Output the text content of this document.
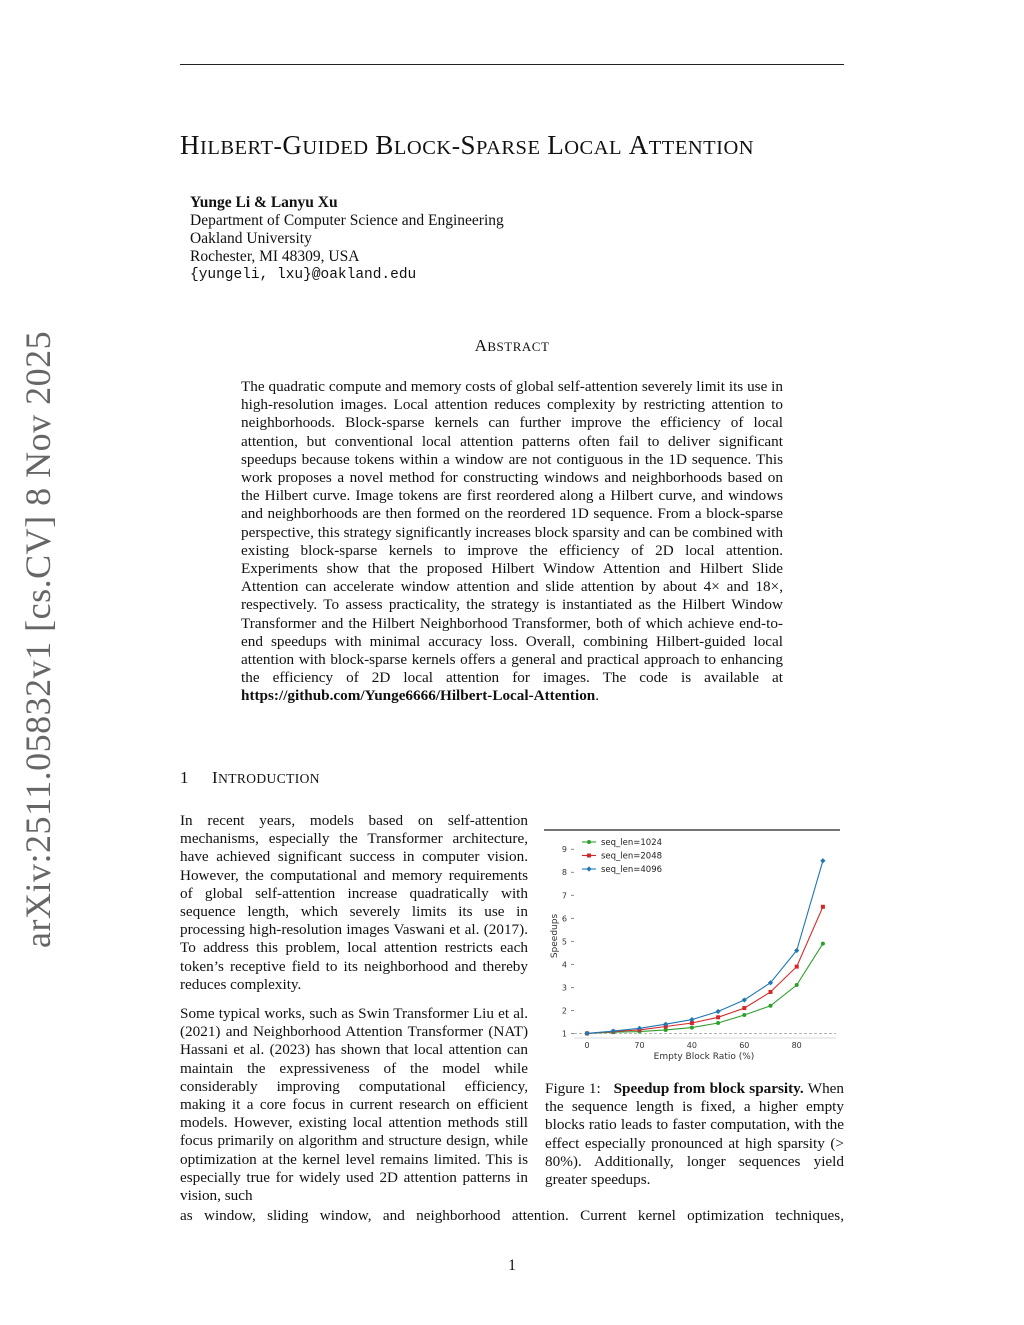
arXiv:2511.05832v1 [cs.CV] 8 Nov 2025
HILBERT-GUIDED BLOCK-SPARSE LOCAL ATTENTION
Yunge Li & Lanyu Xu
Department of Computer Science and Engineering
Oakland University
Rochester, MI 48309, USA
{yungeli, lxu}@oakland.edu
ABSTRACT
The quadratic compute and memory costs of global self-attention severely limit its use in high-resolution images. Local attention reduces complexity by restricting attention to neighborhoods. Block-sparse kernels can further improve the efficiency of local attention, but conventional local attention patterns often fail to deliver significant speedups because tokens within a window are not contiguous in the 1D sequence. This work proposes a novel method for constructing windows and neighborhoods based on the Hilbert curve. Image tokens are first reordered along a Hilbert curve, and windows and neighborhoods are then formed on the reordered 1D sequence. From a block-sparse perspective, this strategy significantly increases block sparsity and can be combined with existing block-sparse kernels to improve the efficiency of 2D local attention. Experiments show that the proposed Hilbert Window Attention and Hilbert Slide Attention can accelerate window attention and slide attention by about 4× and 18×, respectively. To assess practicality, the strategy is instantiated as the Hilbert Window Transformer and the Hilbert Neighborhood Transformer, both of which achieve end-to-end speedups with minimal accuracy loss. Overall, combining Hilbert-guided local attention with block-sparse kernels offers a general and practical approach to enhancing the efficiency of 2D local attention for images. The code is available at https://github.com/Yunge6666/Hilbert-Local-Attention.
1 INTRODUCTION
In recent years, models based on self-attention mechanisms, especially the Transformer architecture, have achieved significant success in computer vision. However, the computational and memory requirements of global self-attention increase quadratically with sequence length, which severely limits its use in processing high-resolution images Vaswani et al. (2017). To address this problem, local attention restricts each token’s receptive field to its neighborhood and thereby reduces complexity.
Some typical works, such as Swin Transformer Liu et al. (2021) and Neighborhood Attention Transformer (NAT) Hassani et al. (2023) has shown that local attention can maintain the expressiveness of the model while considerably improving computational efficiency, making it a core focus in current research on efficient models. However, existing local attention methods still focus primarily on algorithm and structure design, while optimization at the kernel level remains limited. This is especially true for widely used 2D attention patterns in vision, such
as window, sliding window, and neighborhood attention. Current kernel optimization techniques,
Speedups
Empty Block Ratio (%)
1
2
3
4
5
6
7
8
9
0	70	40	60	80
seq_len=1024
seq_len=2048
seq_len=4096
Figure 1: Speedup from block sparsity. When the sequence length is fixed, a higher empty blocks ratio leads to faster computation, with the effect especially pronounced at high sparsity (> 80%). Additionally, longer sequences yield greater speedups.
1
